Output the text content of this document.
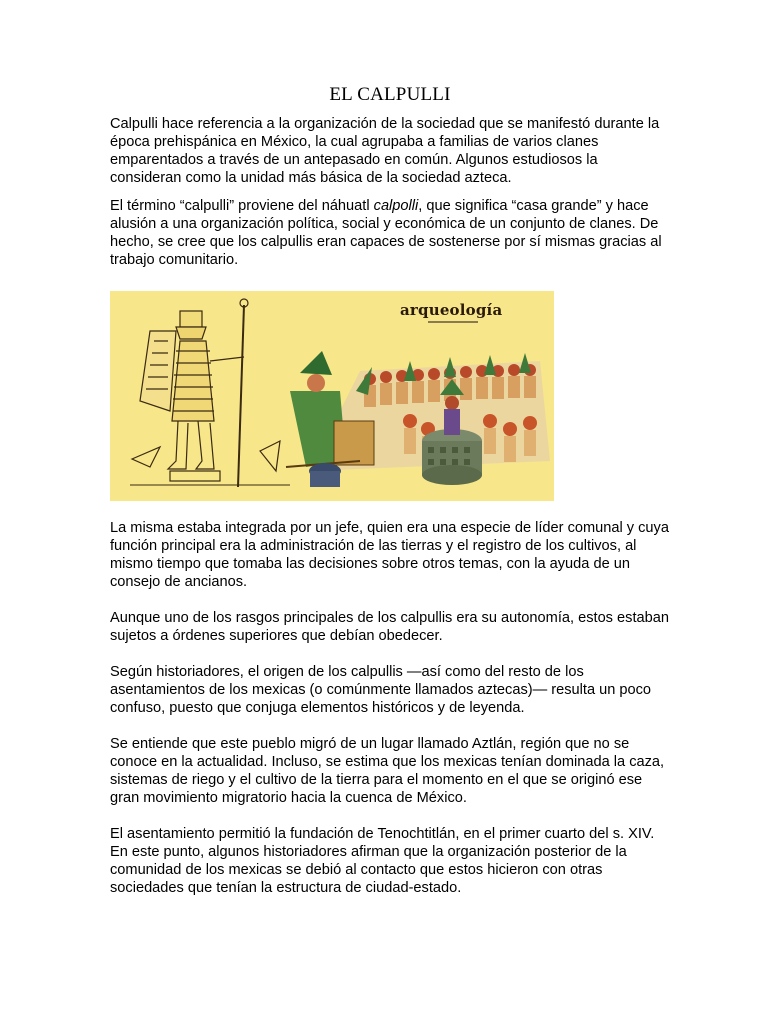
EL CALPULLI

Calpulli hace referencia a la organización de la sociedad que se manifestó durante la época prehispánica en México, la cual agrupaba a familias de varios clanes emparentados a través de un antepasado en común. Algunos estudiosos la consideran como la unidad más básica de la sociedad azteca.

El término “calpulli” proviene del náhuatl calpolli, que significa “casa grande” y hace alusión a una organización política, social y económica de un conjunto de clanes. De hecho, se cree que los calpullis eran capaces de sostenerse por sí mismas gracias al trabajo comunitario.

arqueología

La misma estaba integrada por un jefe, quien era una especie de líder comunal y cuya función principal era la administración de las tierras y el registro de los cultivos, al mismo tiempo que tomaba las decisiones sobre otros temas, con la ayuda de un consejo de ancianos.

Aunque uno de los rasgos principales de los calpullis era su autonomía, estos estaban sujetos a órdenes superiores que debían obedecer.

Según historiadores, el origen de los calpullis —así como del resto de los asentamientos de los mexicas (o comúnmente llamados aztecas)— resulta un poco confuso, puesto que conjuga elementos históricos y de leyenda.

Se entiende que este pueblo migró de un lugar llamado Aztlán, región que no se conoce en la actualidad. Incluso, se estima que los mexicas tenían dominada la caza, sistemas de riego y el cultivo de la tierra para el momento en el que se originó ese gran movimiento migratorio hacia la cuenca de México.

El asentamiento permitió la fundación de Tenochtitlán, en el primer cuarto del s. XIV. En este punto, algunos historiadores afirman que la organización posterior de la comunidad de los mexicas se debió al contacto que estos hicieron con otras sociedades que tenían la estructura de ciudad-estado.
